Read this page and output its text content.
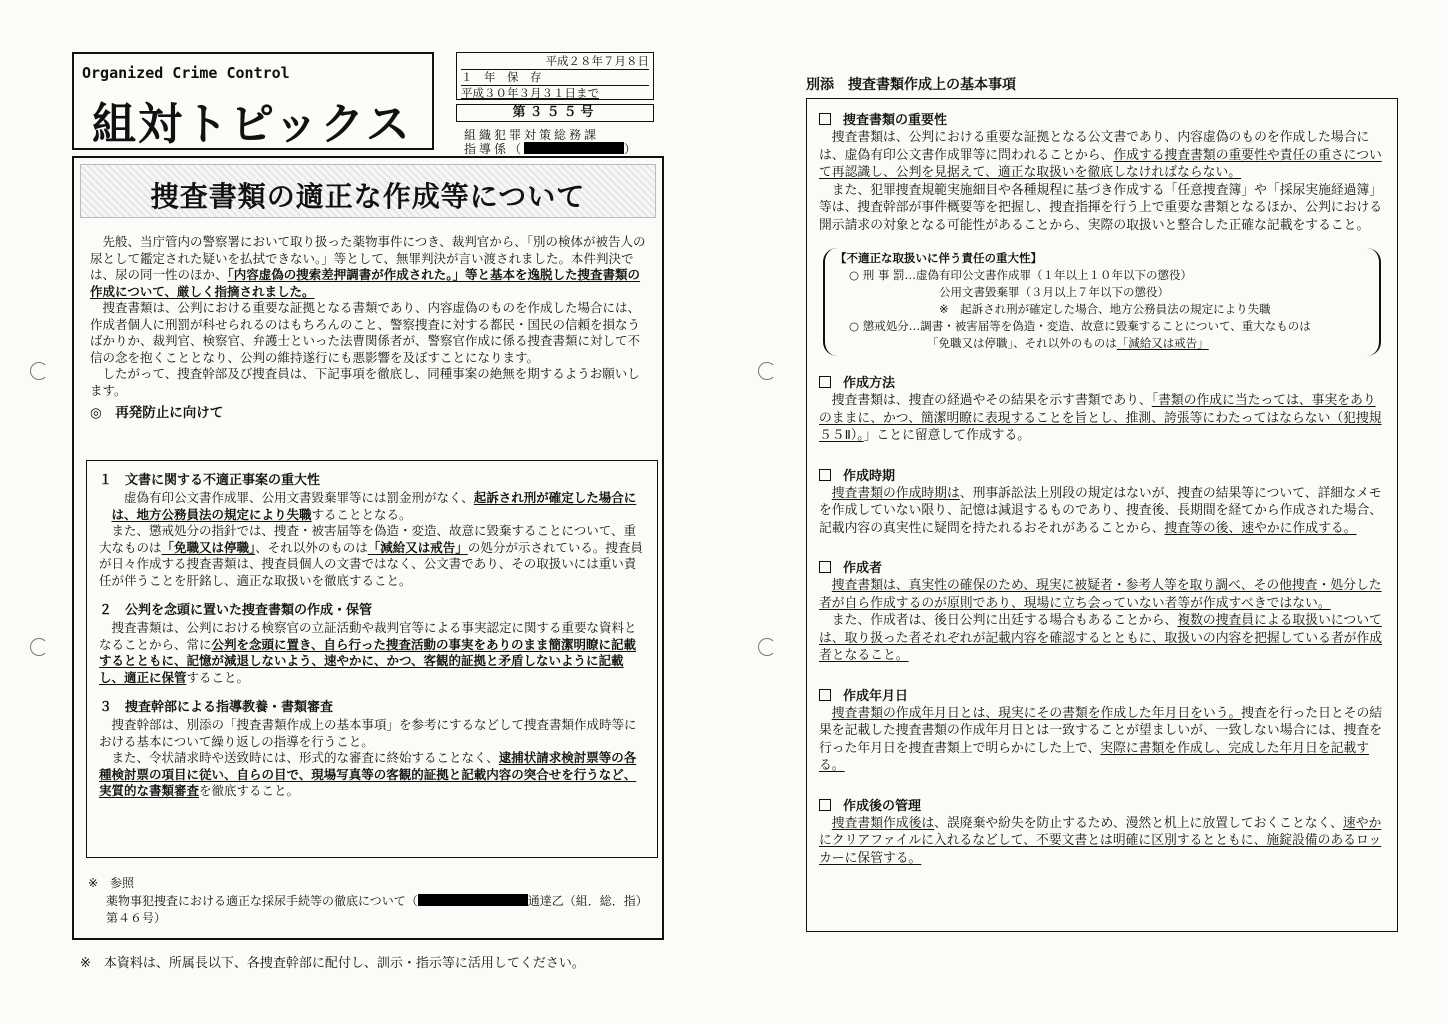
Organized Crime Control
組対トピックス
平成２８年７月８日
１　年　保　存
平成３０年３月３１日まで
第３５５号
組織犯罪対策総務課
指導係（	）
捜査書類の適正な作成等について

先般、当庁管内の警察署において取り扱った薬物事件につき、裁判官から、「別の検体が被告人の尿として鑑定された疑いを払拭できない。」等として、無罪判決が言い渡されました。本件判決では、尿の同一性のほか、「内容虚偽の捜索差押調書が作成された。」等と基本を逸脱した捜査書類の作成について、厳しく指摘されました。

捜査書類は、公判における重要な証拠となる書類であり、内容虚偽のものを作成した場合には、作成者個人に刑罰が科せられるのはもちろんのこと、警察捜査に対する都民・国民の信頼を損なうばかりか、裁判官、検察官、弁護士といった法曹関係者が、警察官作成に係る捜査書類に対して不信の念を抱くこととなり、公判の維持遂行にも悪影響を及ぼすことになります。

したがって、捜査幹部及び捜査員は、下記事項を徹底し、同種事案の絶無を期するようお願いします。

◎　再発防止に向けて

１　文書に関する不適正事案の重大性

虚偽有印公文書作成罪、公用文書毀棄罪等には罰金刑がなく、起訴され刑が確定した場合には、地方公務員法の規定により失職することとなる。

また、懲戒処分の指針では、捜査・被害届等を偽造・変造、故意に毀棄することについて、重大なものは「免職又は停職」、それ以外のものは「減給又は戒告」の処分が示されている。捜査員が日々作成する捜査書類は、捜査員個人の文書ではなく、公文書であり、その取扱いには重い責任が伴うことを肝銘し、適正な取扱いを徹底すること。

２　公判を念頭に置いた捜査書類の作成・保管

捜査書類は、公判における検察官の立証活動や裁判官等による事実認定に関する重要な資料となることから、常に公判を念頭に置き、自ら行った捜査活動の事実をありのまま簡潔明瞭に記載するとともに、記憶が減退しないよう、速やかに、かつ、客観的証拠と矛盾しないように記載し、適正に保管すること。

３　捜査幹部による指導教養・書類審査

捜査幹部は、別添の「捜査書類作成上の基本事項」を参考にするなどして捜査書類作成時等における基本について繰り返しの指導を行うこと。

また、令状請求時や送致時には、形式的な審査に終始することなく、逮捕状請求検討票等の各種検討票の項目に従い、自らの目で、現場写真等の客観的証拠と記載内容の突合せを行うなど、実質的な書類審査を徹底すること。

※　参照

薬物事犯捜査における適正な採尿手続等の徹底について（	通達乙（組．総．指）第４６号）

※　本資料は、所属長以下、各捜査幹部に配付し、訓示・指示等に活用してください。
別添　捜査書類作成上の基本事項

捜査書類の重要性

捜査書類は、公判における重要な証拠となる公文書であり、内容虚偽のものを作成した場合には、虚偽有印公文書作成罪等に問われることから、作成する捜査書類の重要性や責任の重さについて再認識し、公判を見据えて、適正な取扱いを徹底しなければならない。

また、犯罪捜査規範実施細目や各種規程に基づき作成する「任意捜査簿」や「採尿実施経過簿」等は、捜査幹部が事件概要等を把握し、捜査指揮を行う上で重要な書類となるほか、公判における開示請求の対象となる可能性があることから、実際の取扱いと整合した正確な記載をすること。

【不適正な取扱いに伴う責任の重大性】
○ 刑 事 罰…虚偽有印公文書作成罪（１年以上１０年以下の懲役）
公用文書毀棄罪（３月以上７年以下の懲役）
※　起訴され刑が確定した場合、地方公務員法の規定により失職
○ 懲戒処分…調書・被害届等を偽造・変造、故意に毀棄することについて、重大なものは
「免職又は停職」、それ以外のものは「減給又は戒告」

作成方法

捜査書類は、捜査の経過やその結果を示す書類であり、「書類の作成に当たっては、事実をありのままに、かつ、簡潔明瞭に表現することを旨とし、推測、誇張等にわたってはならない（犯捜規５５Ⅱ）。」ことに留意して作成する。

作成時期

捜査書類の作成時期は、刑事訴訟法上別段の規定はないが、捜査の結果等について、詳細なメモを作成していない限り、記憶は減退するものであり、捜査後、長期間を経てから作成された場合、記載内容の真実性に疑問を持たれるおそれがあることから、捜査等の後、速やかに作成する。

作成者

捜査書類は、真実性の確保のため、現実に被疑者・参考人等を取り調べ、その他捜査・処分した者が自ら作成するのが原則であり、現場に立ち会っていない者等が作成すべきではない。

また、作成者は、後日公判に出廷する場合もあることから、複数の捜査員による取扱いについては、取り扱った者それぞれが記載内容を確認するとともに、取扱いの内容を把握している者が作成者となること。

作成年月日

捜査書類の作成年月日とは、現実にその書類を作成した年月日をいう。捜査を行った日とその結果を記載した捜査書類の作成年月日とは一致することが望ましいが、一致しない場合には、捜査を行った年月日を捜査書類上で明らかにした上で、実際に書類を作成し、完成した年月日を記載する。

作成後の管理

捜査書類作成後は、誤廃棄や紛失を防止するため、漫然と机上に放置しておくことなく、速やかにクリアファイルに入れるなどして、不要文書とは明確に区別するとともに、施錠設備のあるロッカーに保管する。
